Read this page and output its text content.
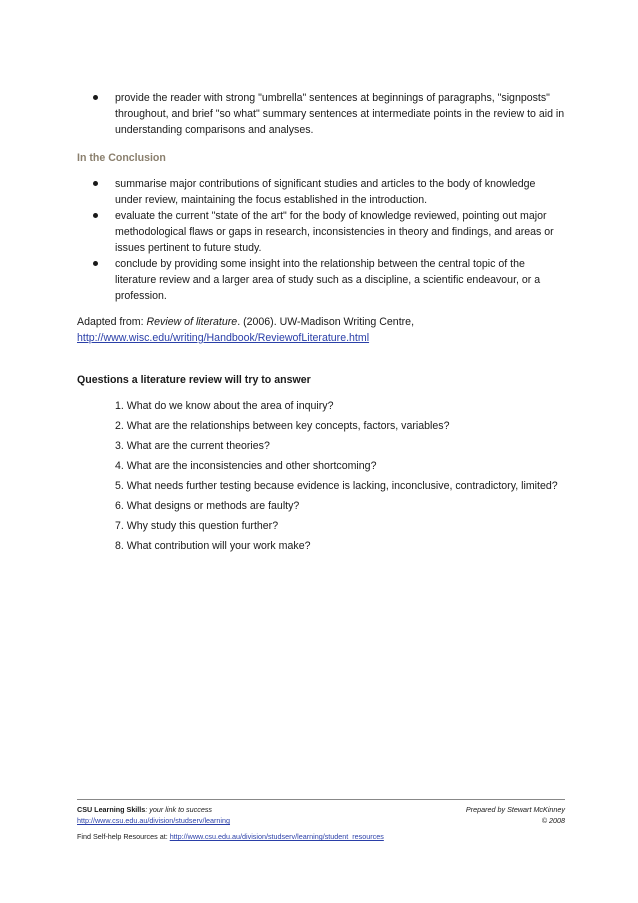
provide the reader with strong "umbrella" sentences at beginnings of paragraphs, "signposts" throughout, and brief "so what" summary sentences at intermediate points in the review to aid in understanding comparisons and analyses.
In the Conclusion
summarise major contributions of significant studies and articles to the body of knowledge under review, maintaining the focus established in the introduction.
evaluate the current "state of the art" for the body of knowledge reviewed, pointing out major methodological flaws or gaps in research, inconsistencies in theory and findings, and areas or issues pertinent to future study.
conclude by providing some insight into the relationship between the central topic of the literature review and a larger area of study such as a discipline, a scientific endeavour, or a profession.
Adapted from: Review of literature. (2006). UW-Madison Writing Centre,
http://www.wisc.edu/writing/Handbook/ReviewofLiterature.html
Questions a literature review will try to answer
1. What do we know about the area of inquiry?
2. What are the relationships between key concepts, factors, variables?
3. What are the current theories?
4. What are the inconsistencies and other shortcoming?
5. What needs further testing because evidence is lacking, inconclusive, contradictory, limited?
6. What designs or methods are faulty?
7. Why study this question further?
8. What contribution will your work make?
CSU Learning Skills: your link to success	Prepared by Stewart McKinney
http://www.csu.edu.au/division/studserv/learning	© 2008
Find Self-help Resources at: http://www.csu.edu.au/division/studserv/learning/student_resources
